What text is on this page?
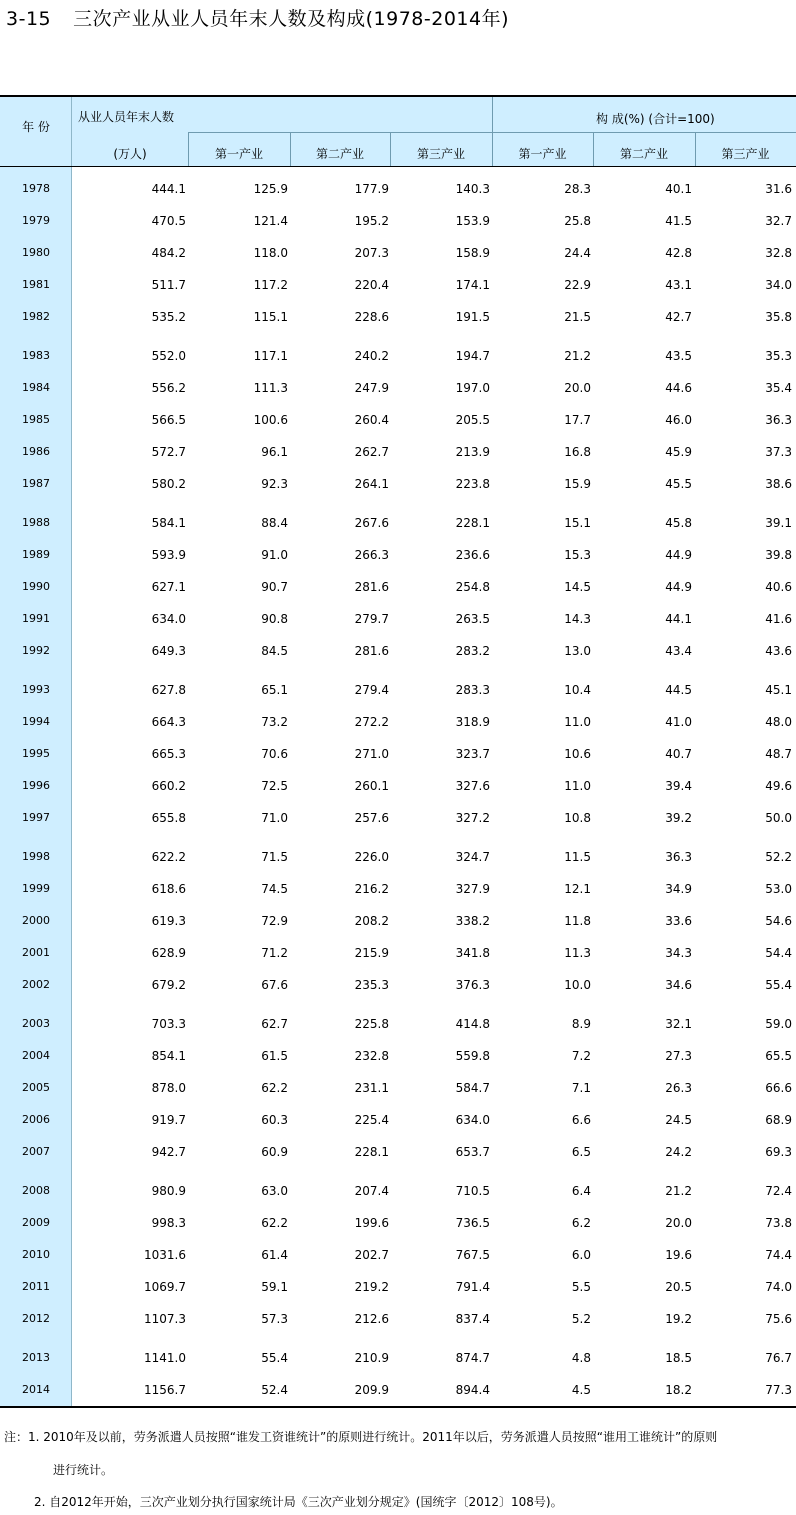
3-15 三次产业从业人员年末人数及构成(1978-2014年)
年 份
从业人员年末人数
(万人)
构 成(%) (合计=100)
第一产业	第二产业	第三产业	第一产业	第二产业	第三产业
1978	444.1	125.9	177.9	140.3	28.3	40.1	31.6
1979	470.5	121.4	195.2	153.9	25.8	41.5	32.7
1980	484.2	118.0	207.3	158.9	24.4	42.8	32.8
1981	511.7	117.2	220.4	174.1	22.9	43.1	34.0
1982	535.2	115.1	228.6	191.5	21.5	42.7	35.8
1983	552.0	117.1	240.2	194.7	21.2	43.5	35.3
1984	556.2	111.3	247.9	197.0	20.0	44.6	35.4
1985	566.5	100.6	260.4	205.5	17.7	46.0	36.3
1986	572.7	96.1	262.7	213.9	16.8	45.9	37.3
1987	580.2	92.3	264.1	223.8	15.9	45.5	38.6
1988	584.1	88.4	267.6	228.1	15.1	45.8	39.1
1989	593.9	91.0	266.3	236.6	15.3	44.9	39.8
1990	627.1	90.7	281.6	254.8	14.5	44.9	40.6
1991	634.0	90.8	279.7	263.5	14.3	44.1	41.6
1992	649.3	84.5	281.6	283.2	13.0	43.4	43.6
1993	627.8	65.1	279.4	283.3	10.4	44.5	45.1
1994	664.3	73.2	272.2	318.9	11.0	41.0	48.0
1995	665.3	70.6	271.0	323.7	10.6	40.7	48.7
1996	660.2	72.5	260.1	327.6	11.0	39.4	49.6
1997	655.8	71.0	257.6	327.2	10.8	39.2	50.0
1998	622.2	71.5	226.0	324.7	11.5	36.3	52.2
1999	618.6	74.5	216.2	327.9	12.1	34.9	53.0
2000	619.3	72.9	208.2	338.2	11.8	33.6	54.6
2001	628.9	71.2	215.9	341.8	11.3	34.3	54.4
2002	679.2	67.6	235.3	376.3	10.0	34.6	55.4
2003	703.3	62.7	225.8	414.8	8.9	32.1	59.0
2004	854.1	61.5	232.8	559.8	7.2	27.3	65.5
2005	878.0	62.2	231.1	584.7	7.1	26.3	66.6
2006	919.7	60.3	225.4	634.0	6.6	24.5	68.9
2007	942.7	60.9	228.1	653.7	6.5	24.2	69.3
2008	980.9	63.0	207.4	710.5	6.4	21.2	72.4
2009	998.3	62.2	199.6	736.5	6.2	20.0	73.8
2010	1031.6	61.4	202.7	767.5	6.0	19.6	74.4
2011	1069.7	59.1	219.2	791.4	5.5	20.5	74.0
2012	1107.3	57.3	212.6	837.4	5.2	19.2	75.6
2013	1141.0	55.4	210.9	874.7	4.8	18.5	76.7
2014	1156.7	52.4	209.9	894.4	4.5	18.2	77.3
注：1. 2010年及以前，劳务派遣人员按照“谁发工资谁统计”的原则进行统计。2011年以后，劳务派遣人员按照“谁用工谁统计”的原则
进行统计。
2. 自2012年开始，三次产业划分执行国家统计局《三次产业划分规定》(国统字〔2012〕108号)。
